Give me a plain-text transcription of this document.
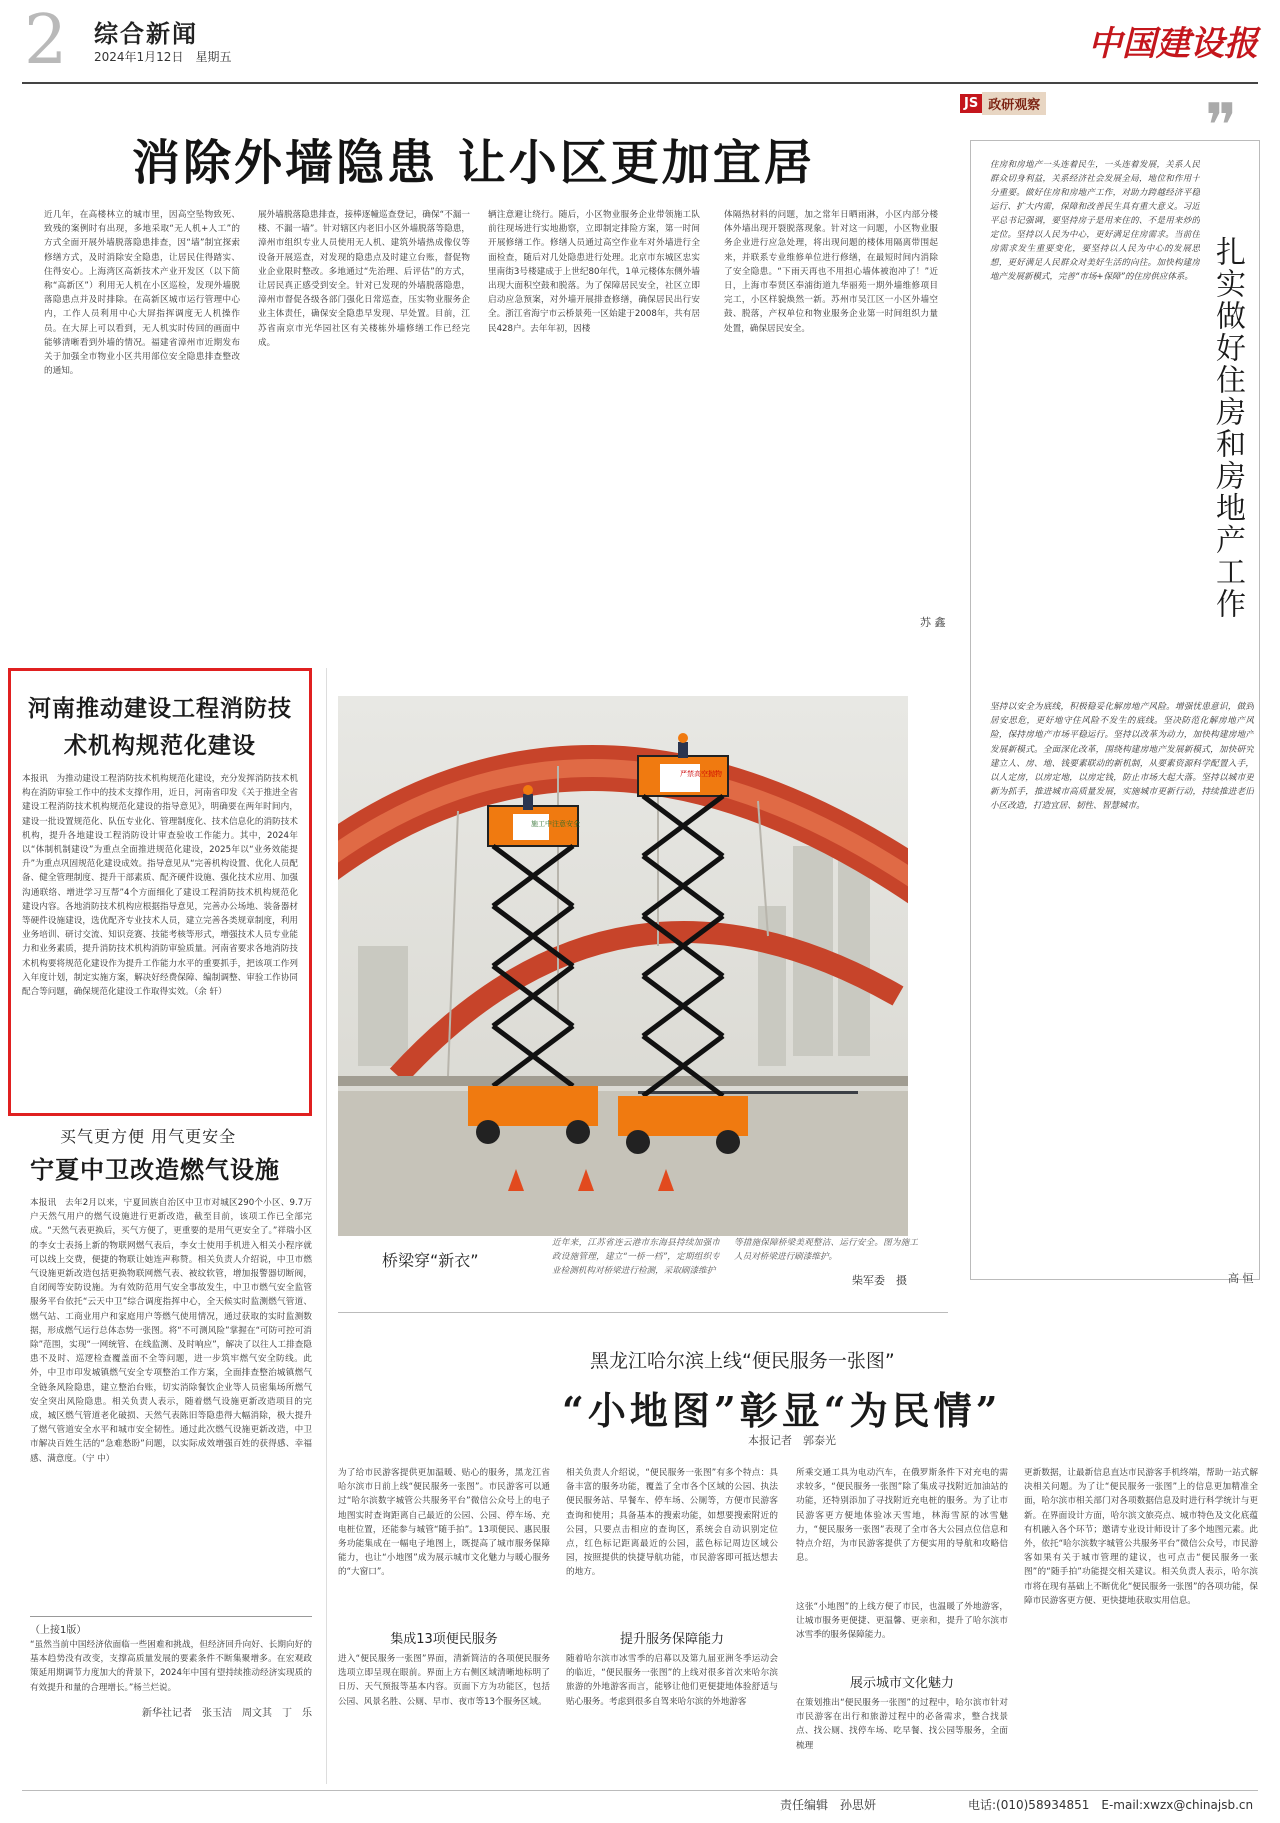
2 综合新闻
2024年1月12日　星期五	中国建设报
消除外墙隐患 让小区更加宜居
近几年，在高楼林立的城市里，因高空坠物致死、致残的案例时有出现，多地采取“无人机+人工”的方式全面开展外墙脱落隐患排查，因“墙”制宜探索修缮方式，及时消除安全隐患，让居民住得踏实、住得安心。上海湾区高新技术产业开发区（以下简称“高新区”）利用无人机在小区巡检，发现外墙脱落隐患点并及时排除。在高新区城市运行管理中心内，工作人员利用中心大屏指挥调度无人机操作员。在大屏上可以看到，无人机实时传回的画面中能够清晰看到外墙的情况。福建省漳州市近期发布关于加强全市物业小区共用部位安全隐患排查整改的通知。
展外墙脱落隐患排查，接棒逐幢巡查登记，确保“不漏一楼、不漏一墙”。针对辖区内老旧小区外墙脱落等隐患，漳州市组织专业人员使用无人机、建筑外墙热成像仪等设备开展巡查，对发现的隐患点及时建立台账，督促物业企业限时整改。多地通过“先治理、后评估”的方式，让居民真正感受到安全。针对已发现的外墙脱落隐患，漳州市督促各级各部门强化日常巡查，压实物业服务企业主体责任，确保安全隐患早发现、早处置。目前，江苏省南京市光华园社区有关楼栋外墙修缮工作已经完成。
辆注意避让绕行。随后，小区物业服务企业带领施工队前往现场进行实地勘察，立即制定排险方案，第一时间开展修缮工作。修缮人员通过高空作业车对外墙进行全面检查，随后对几处隐患进行处理。北京市东城区忠实里南街3号楼建成于上世纪80年代，1单元楼体东侧外墙出现大面积空鼓和脱落。为了保障居民安全，社区立即启动应急预案，对外墙开展排查修缮，确保居民出行安全。浙江省海宁市云桥景苑一区始建于2008年，共有居民428户。去年年初，因楼
体隔热材料的问题，加之常年日晒雨淋，小区内部分楼体外墙出现开裂脱落现象。针对这一问题，小区物业服务企业进行应急处理，将出现问题的楼体用隔离带围起来，并联系专业维修单位进行修缮，在最短时间内消除了安全隐患。“下雨天再也不用担心墙体被泡冲了！”近日，上海市奉贤区奉浦街道九华丽苑一期外墙维修项目完工，小区样貌焕然一新。苏州市吴江区一小区外墙空鼓、脱落，产权单位和物业服务企业第一时间组织力量处置，确保居民安全。
苏 鑫
JS 政研观察	❞
扎实做好住房和房地产工作
住房和房地产一头连着民生，一头连着发展，关系人民群众切身利益，关系经济社会发展全局，地位和作用十分重要。做好住房和房地产工作，对助力跨越经济平稳运行、扩大内需，保障和改善民生具有重大意义。习近平总书记强调，要坚持房子是用来住的、不是用来炒的定位。坚持以人民为中心，更好满足住房需求。当前住房需求发生重要变化，要坚持以人民为中心的发展思想，更好满足人民群众对美好生活的向往。加快构建房地产发展新模式，完善“市场+保障”的住房供应体系。
坚持以安全为底线，积极稳妥化解房地产风险。增强忧患意识，做到居安思危，更好地守住风险不发生的底线。坚决防范化解房地产风险，保持房地产市场平稳运行。坚持以改革为动力，加快构建房地产发展新模式。全面深化改革，围绕构建房地产发展新模式，加快研究建立人、房、地、钱要素联动的新机制，从要素资源科学配置入手，以人定房，以房定地，以房定钱，防止市场大起大落。坚持以城市更新为抓手，推进城市高质量发展，实施城市更新行动，持续推进老旧小区改造，打造宜居、韧性、智慧城市。
高 恒
河南推动建设工程消防技术机构规范化建设
本报讯　为推动建设工程消防技术机构规范化建设，充分发挥消防技术机构在消防审验工作中的技术支撑作用，近日，河南省印发《关于推进全省建设工程消防技术机构规范化建设的指导意见》，明确要在两年时间内，建设一批设置规范化、队伍专业化、管理制度化、技术信息化的消防技术机构，提升各地建设工程消防设计审查验收工作能力。其中，2024年以“体制机制建设”为重点全面推进规范化建设，2025年以“业务效能提升”为重点巩固规范化建设成效。指导意见从“完善机构设置、优化人员配备、健全管理制度、提升干部素质、配齐硬件设施、强化技术应用、加强沟通联络、增进学习互帮”4个方面细化了建设工程消防技术机构规范化建设内容。各地消防技术机构应根据指导意见，完善办公场地、装备器材等硬件设施建设，选优配齐专业技术人员，建立完善各类规章制度，利用业务培训、研讨交流、知识竞赛、技能考核等形式，增强技术人员专业能力和业务素质，提升消防技术机构消防审验质量。河南省要求各地消防技术机构要将规范化建设作为提升工作能力水平的重要抓手，把该项工作列入年度计划，制定实施方案，解决好经费保障、编制调整、审验工作协同配合等问题，确保规范化建设工作取得实效。（余 轩）
买气更方便 用气更安全
宁夏中卫改造燃气设施
本报讯　去年2月以来，宁夏回族自治区中卫市对城区290个小区、9.7万户天然气用户的燃气设施进行更新改造，截至目前，该项工作已全部完成。“天然气表更换后，买气方便了，更重要的是用气更安全了。”祥瑞小区的李女士表扬上新的物联网燃气表后，李女士使用手机进入相关小程序就可以线上交费，便捷的物联让她连声称赞。相关负责人介绍说，中卫市燃气设施更新改造包括更换物联网燃气表、被纹软管，增加报警器切断阀，自闭阀等安防设施。为有效防范用气安全事故发生，中卫市燃气安全监管服务平台依托“云天中卫”综合调度指挥中心，全天候实时监测燃气管道、燃气站、工商业用户和家庭用户等燃气使用情况，通过获取的实时监测数据，形成燃气运行总体态势一张图。将“不可测风险”掌握在“可防可控可消除”范围，实现“一网统管、在线监测、及时响应”，解决了以往人工排查隐患不及时、巡逻检查覆盖面不全等问题，进一步筑牢燃气安全防线。此外，中卫市印发城镇燃气安全专项整治工作方案，全面排查整治城镇燃气全链条风险隐患，建立整治台账，切实消除餐饮企业等人员密集场所燃气安全突出风险隐患。相关负责人表示，随着燃气设施更新改造项目的完成，城区燃气管道老化破损、天然气表陈旧等隐患得大幅消除，极大提升了燃气管道安全水平和城市安全韧性。通过此次燃气设施更新改造，中卫市解决百姓生活的“急难愁盼”问题，以实际成效增强百姓的获得感、幸福感、满意度。（宁 中）
（上接1版）
“虽然当前中国经济依面临一些困难和挑战，但经济回升向好、长期向好的基本趋势没有改变，支撑高质量发展的要素条件不断集聚增多。在宏观政策延用期调节力度加大的背景下，2024年中国有望持续推动经济实现质的有效提升和量的合理增长。”杨兰烂说。
新华社记者　张玉洁　周文其　丁　乐
施工中注意安全
严禁高空抛物
桥梁穿“新衣”
近年来，江苏省连云港市东海县持续加强市政设施管理，建立“一桥一档”，定期组织专业检测机构对桥梁进行检测，采取刷漆维护
等措施保障桥梁美观整洁、运行安全。图为施工人员对桥梁进行刷漆维护。
柴军委　摄
黑龙江哈尔滨上线“便民服务一张图”
“小地图”彰显“为民情”
本报记者　郭泰光
为了给市民游客提供更加温暖、贴心的服务，黑龙江省哈尔滨市日前上线“便民服务一张图”。市民游客可以通过“哈尔滨数字城管公共服务平台”微信公众号上的电子地图实时查询距离自己最近的公园、公园、停车场、充电桩位置，还能参与城管“随手拍”。13项便民、惠民服务功能集成在一幅电子地图上，既提高了城市服务保障能力，也让“小地图”成为展示城市文化魅力与暖心服务的“大窗口”。
相关负责人介绍说，“便民服务一张图”有多个特点：具备丰富的服务功能，覆盖了全市各个区域的公园、执法便民服务站、早餐车、停车场、公厕等，方便市民游客查询和使用；具备基本的搜索功能，如想要搜索附近的公园，只要点击相应的查询区，系统会自动识别定位点，红色标记距离最近的公园，蓝色标记周边区域公园，按照提供的快捷导航功能，市民游客即可抵达想去的地方。
所乘交通工具为电动汽车，在俄罗斯条件下对充电的需求较多，“便民服务一张图”除了集成寻找附近加油站的功能，还特别添加了寻找附近充电桩的服务。为了让市民游客更方便地体验冰天雪地，林海雪原的冰雪魅力，“便民服务一张图”表现了全市各大公园点位信息和特点介绍，为市民游客提供了方便实用的导航和攻略信息。
更新数据，让最新信息直达市民游客手机终端，帮助一站式解决相关问题。为了让“便民服务一张图”上的信息更加精准全面，哈尔滨市相关部门对各项数据信息及时进行科学统计与更新。在界面设计方面，哈尔滨文旅亮点、城市特色及文化底蕴有机融入各个环节；邀请专业设计师设计了多个地图元素。此外，依托“哈尔滨数字城管公共服务平台”微信公众号，市民游客如果有关于城市管理的建议，也可点击“便民服务一张图”的“随手拍”功能提交相关建议。相关负责人表示，哈尔滨市将在现有基础上不断优化“便民服务一张图”的各项功能，保障市民游客更方便、更快捷地获取实用信息。
集成13项便民服务
进入“便民服务一张图”界面，清新简洁的各项便民服务选项立即呈现在眼前。界面上方右侧区域清晰地标明了日历、天气预报等基本内容。页面下方为功能区，包括公园、风景名胜、公厕、早市、夜市等13个服务区域。
提升服务保障能力
随着哈尔滨市冰雪季的启幕以及第九届亚洲冬季运动会的临近，“便民服务一张图”的上线对很多首次来哈尔滨旅游的外地游客而言，能够让他们更便捷地体验舒适与贴心服务。考虑到很多自驾来哈尔滨的外地游客
这张“小地图”的上线方便了市民，也温暖了外地游客，让城市服务更便捷、更温馨、更亲和，提升了哈尔滨市冰雪季的服务保障能力。
展示城市文化魅力
在策划推出“便民服务一张图”的过程中，哈尔滨市针对市民游客在出行和旅游过程中的必备需求，整合找景点、找公厕、找停车场、吃早餐、找公园等服务，全面梳理
责任编辑　孙思妍	电话:(010)58934851　E-mail:xwzx@chinajsb.cn
